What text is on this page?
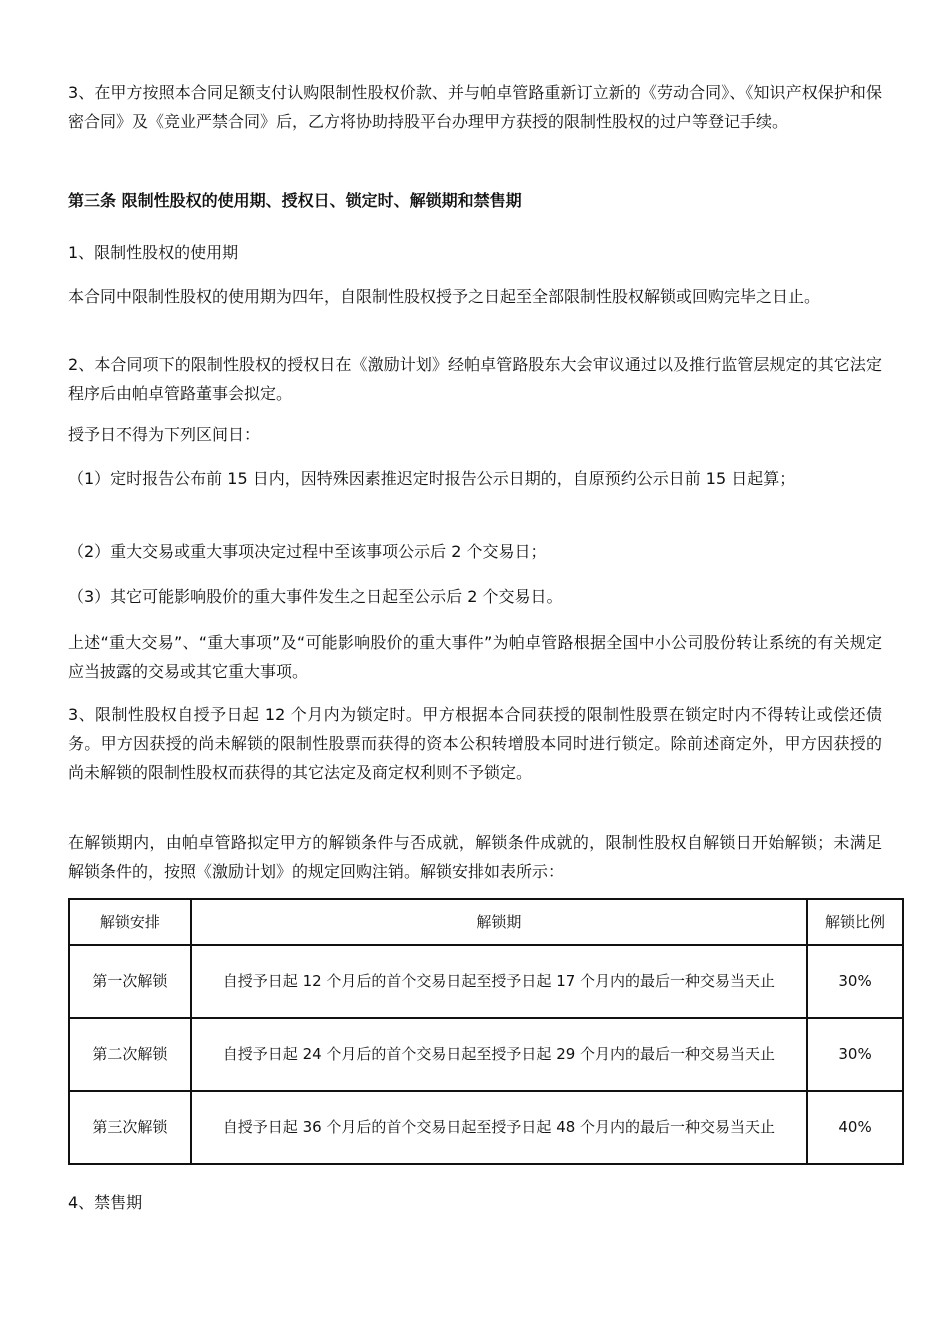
3、在甲方按照本合同足额支付认购限制性股权价款、并与帕卓管路重新订立新的《劳动合同》、《知识产权保护和保密合同》及《竞业严禁合同》后，乙方将协助持股平台办理甲方获授的限制性股权的过户等登记手续。

第三条 限制性股权的使用期、授权日、锁定时、解锁期和禁售期

1、限制性股权的使用期

本合同中限制性股权的使用期为四年，自限制性股权授予之日起至全部限制性股权解锁或回购完毕之日止。

2、本合同项下的限制性股权的授权日在《激励计划》经帕卓管路股东大会审议通过以及推行监管层规定的其它法定程序后由帕卓管路董事会拟定。

授予日不得为下列区间日：

（1）定时报告公布前 15 日内，因特殊因素推迟定时报告公示日期的，自原预约公示日前 15 日起算；

（2）重大交易或重大事项决定过程中至该事项公示后 2 个交易日；

（3）其它可能影响股价的重大事件发生之日起至公示后 2 个交易日。

上述“重大交易”、“重大事项”及“可能影响股价的重大事件”为帕卓管路根据全国中小公司股份转让系统的有关规定应当披露的交易或其它重大事项。

3、限制性股权自授予日起 12 个月内为锁定时。甲方根据本合同获授的限制性股票在锁定时内不得转让或偿还债务。甲方因获授的尚未解锁的限制性股票而获得的资本公积转增股本同时进行锁定。除前述商定外，甲方因获授的尚未解锁的限制性股权而获得的其它法定及商定权利则不予锁定。

在解锁期内，由帕卓管路拟定甲方的解锁条件与否成就，解锁条件成就的，限制性股权自解锁日开始解锁；未满足解锁条件的，按照《激励计划》的规定回购注销。解锁安排如表所示：

解锁安排	解锁期	解锁比例
第一次解锁	自授予日起 12 个月后的首个交易日起至授予日起 17 个月内的最后一种交易当天止	30%
第二次解锁	自授予日起 24 个月后的首个交易日起至授予日起 29 个月内的最后一种交易当天止	30%
第三次解锁	自授予日起 36 个月后的首个交易日起至授予日起 48 个月内的最后一种交易当天止	40%

4、禁售期
